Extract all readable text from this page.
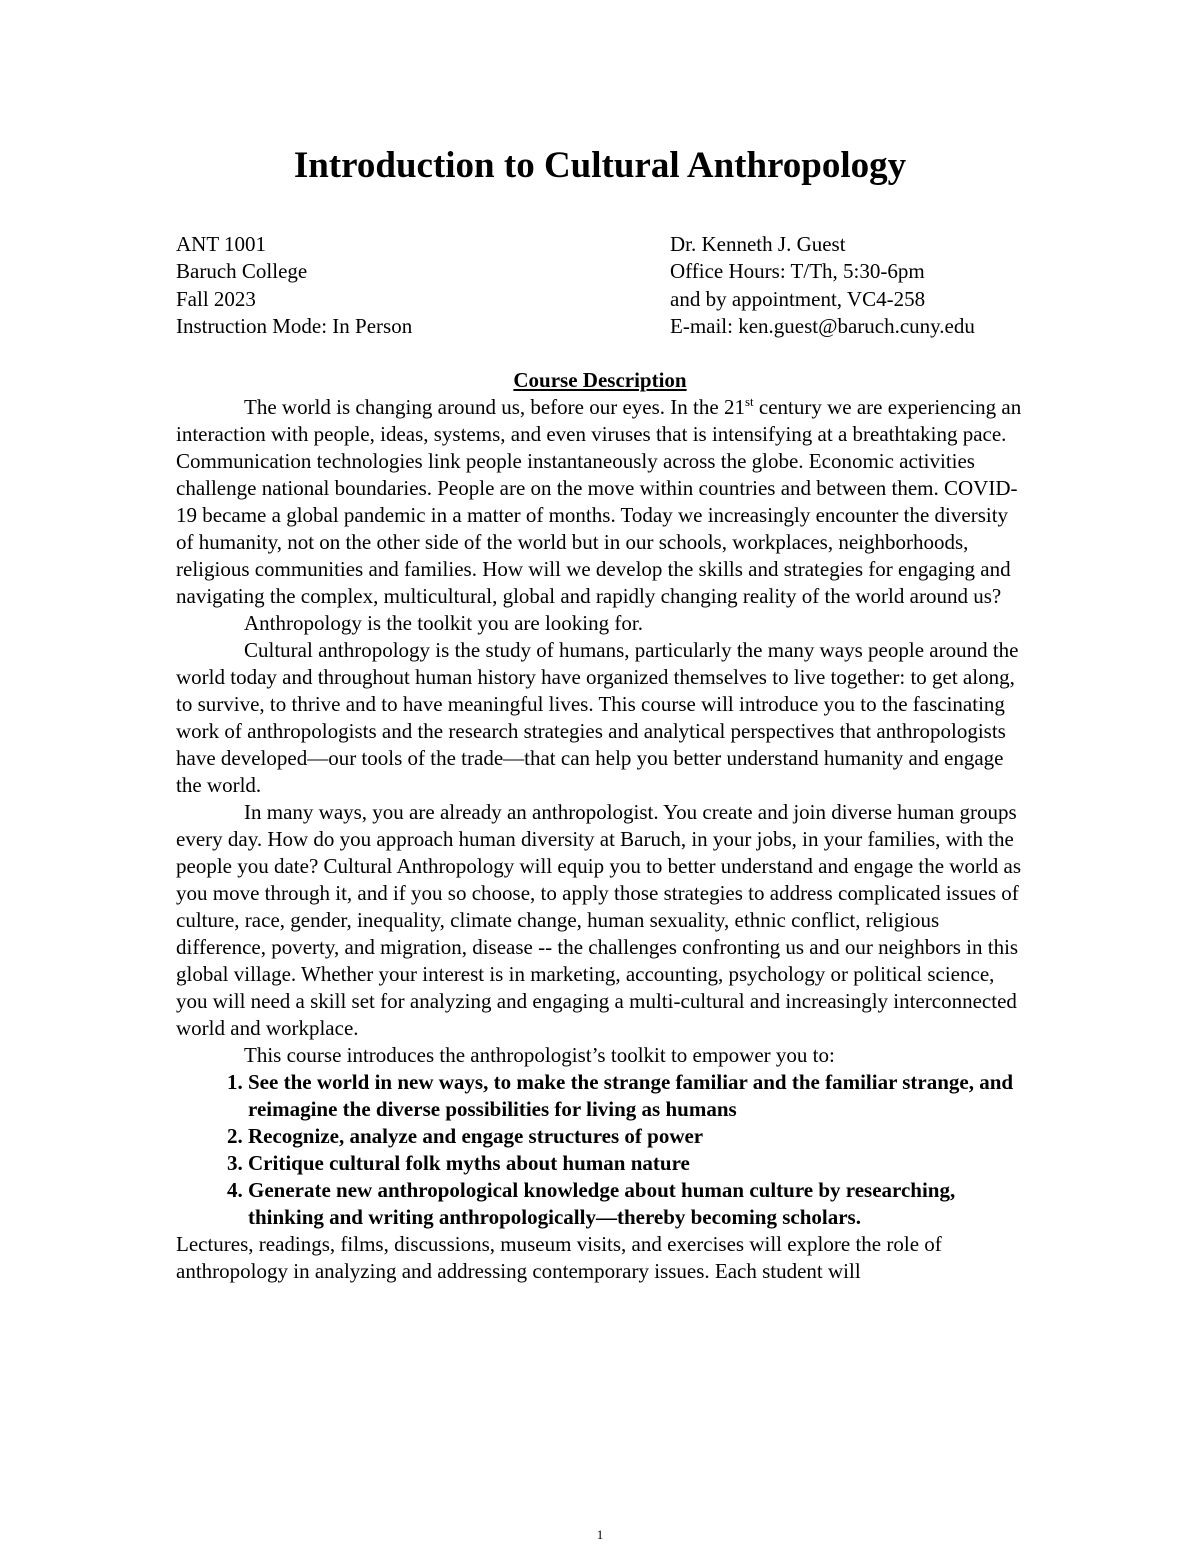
Introduction to Cultural Anthropology
ANT 1001
Baruch College
Fall 2023
Instruction Mode: In Person
Dr. Kenneth J. Guest
Office Hours: T/Th, 5:30-6pm
and by appointment, VC4-258
E-mail: ken.guest@baruch.cuny.edu

Course Description

The world is changing around us, before our eyes. In the 21st century we are experiencing an interaction with people, ideas, systems, and even viruses that is intensifying at a breathtaking pace. Communication technologies link people instantaneously across the globe. Economic activities challenge national boundaries. People are on the move within countries and between them. COVID-19 became a global pandemic in a matter of months. Today we increasingly encounter the diversity of humanity, not on the other side of the world but in our schools, workplaces, neighborhoods, religious communities and families. How will we develop the skills and strategies for engaging and navigating the complex, multicultural, global and rapidly changing reality of the world around us?

Anthropology is the toolkit you are looking for.

Cultural anthropology is the study of humans, particularly the many ways people around the world today and throughout human history have organized themselves to live together: to get along, to survive, to thrive and to have meaningful lives. This course will introduce you to the fascinating work of anthropologists and the research strategies and analytical perspectives that anthropologists have developed—our tools of the trade—that can help you better understand humanity and engage the world.

In many ways, you are already an anthropologist. You create and join diverse human groups every day. How do you approach human diversity at Baruch, in your jobs, in your families, with the people you date? Cultural Anthropology will equip you to better understand and engage the world as you move through it, and if you so choose, to apply those strategies to address complicated issues of culture, race, gender, inequality, climate change, human sexuality, ethnic conflict, religious difference, poverty, and migration, disease -- the challenges confronting us and our neighbors in this global village. Whether your interest is in marketing, accounting, psychology or political science, you will need a skill set for analyzing and engaging a multi-cultural and increasingly interconnected world and workplace.

This course introduces the anthropologist’s toolkit to empower you to:

1. See the world in new ways, to make the strange familiar and the familiar strange, and reimagine the diverse possibilities for living as humans
2. Recognize, analyze and engage structures of power
3. Critique cultural folk myths about human nature
4. Generate new anthropological knowledge about human culture by researching, thinking and writing anthropologically—thereby becoming scholars.

Lectures, readings, films, discussions, museum visits, and exercises will explore the role of anthropology in analyzing and addressing contemporary issues. Each student will

1
